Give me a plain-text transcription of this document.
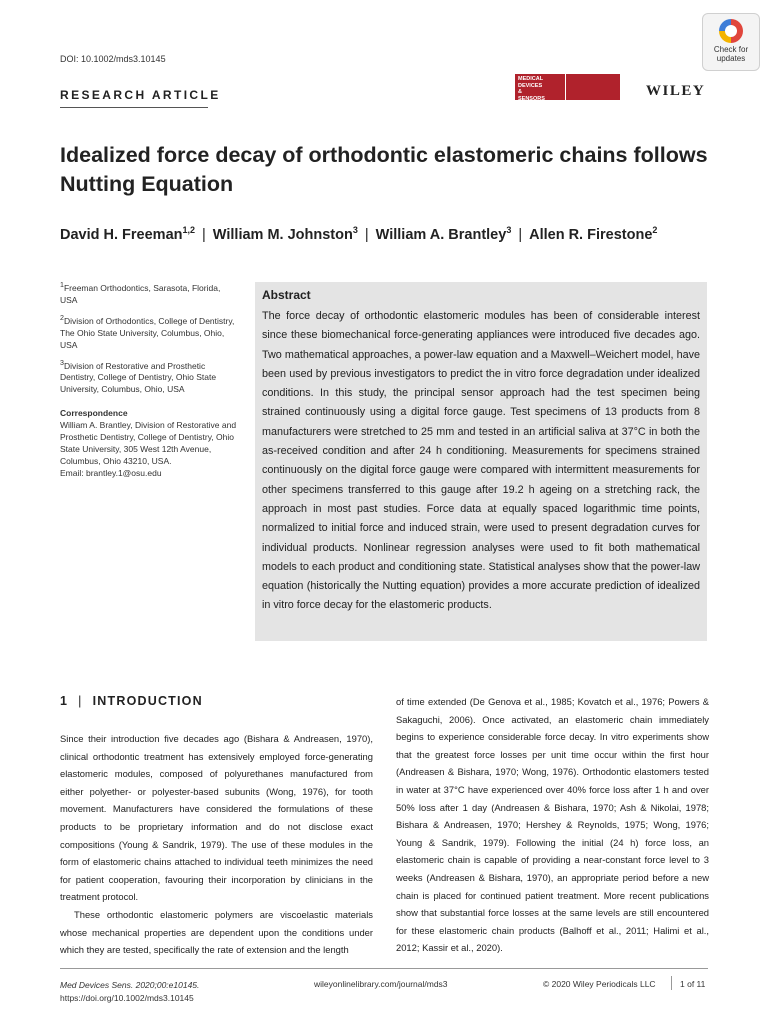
DOI: 10.1002/mds3.10145
Check for updates
RESEARCH ARTICLE
MEDICAL DEVICES & SENSORS	WILEY
Idealized force decay of orthodontic elastomeric chains follows Nutting Equation
David H. Freeman$^{1,2}$ | William M. Johnston$^3$ | William A. Brantley$^3$ | Allen R. Firestone$^2$

$^1$Freeman Orthodontics, Sarasota, Florida, USA

$^2$Division of Orthodontics, College of Dentistry, The Ohio State University, Columbus, Ohio, USA

$^3$Division of Restorative and Prosthetic Dentistry, College of Dentistry, Ohio State University, Columbus, Ohio, USA

Correspondence
William A. Brantley, Division of Restorative and Prosthetic Dentistry, College of Dentistry, Ohio State University, 305 West 12th Avenue, Columbus, Ohio 43210, USA.
Email: brantley.1@osu.edu
Abstract
The force decay of orthodontic elastomeric modules has been of considerable interest since these biomechanical force-generating appliances were introduced five decades ago. Two mathematical approaches, a power-law equation and a Maxwell–Weichert model, have been used by previous investigators to predict the in vitro force degradation under idealized conditions. In this study, the principal sensor approach had the test specimen being strained continuously using a digital force gauge. Test specimens of 13 products from 8 manufacturers were stretched to 25 mm and tested in an artificial saliva at 37°C in both the as-received condition and after 24 h conditioning. Measurements for specimens strained continuously on the digital force gauge were compared with intermittent measurements for other specimens transferred to this gauge after 19.2 h ageing on a stretching rack, the approach in most past studies. Force data at equally spaced logarithmic time points, normalized to initial force and induced strain, were used to present degradation curves for individual products. Nonlinear regression analyses were used to fit both mathematical models to each product and conditioning state. Statistical analyses show that the power-law equation (historically the Nutting equation) provides a more accurate prediction of idealized in vitro force decay for the elastomeric products.
1 | INTRODUCTION

Since their introduction five decades ago (Bishara & Andreasen, 1970), clinical orthodontic treatment has extensively employed force-generating elastomeric modules, composed of polyurethanes manufactured from either polyether- or polyester-based subunits (Wong, 1976), for tooth movement. Manufacturers have considered the formulations of these products to be proprietary information and do not disclose exact compositions (Young & Sandrik, 1979). The use of these modules in the form of elastomeric chains attached to individual teeth minimizes the need for patient cooperation, favouring their incorporation by clinicians in the treatment protocol.

These orthodontic elastomeric polymers are viscoelastic materials whose mechanical properties are dependent upon the conditions under which they are tested, specifically the rate of extension and the length

of time extended (De Genova et al., 1985; Kovatch et al., 1976; Powers & Sakaguchi, 2006). Once activated, an elastomeric chain immediately begins to experience considerable force decay. In vitro experiments show that the greatest force losses per unit time occur within the first hour (Andreasen & Bishara, 1970; Wong, 1976). Orthodontic elastomers tested in water at 37°C have experienced over 40% force loss after 1 h and over 50% loss after 1 day (Andreasen & Bishara, 1970; Ash & Nikolai, 1978; Bishara & Andreasen, 1970; Hershey & Reynolds, 1975; Wong, 1976; Young & Sandrik, 1979). Following the initial (24 h) force loss, an elastomeric chain is capable of providing a near-constant force level to 3 weeks (Andreasen & Bishara, 1970), an appropriate period before a new chain is placed for continued patient treatment. More recent publications show that substantial force losses at the same levels are still encountered for these elastomeric chain products (Balhoff et al., 2011; Halimi et al., 2012; Kassir et al., 2020).

Med Devices Sens. 2020;00:e10145.
https://doi.org/10.1002/mds3.10145
wileyonlinelibrary.com/journal/mds3	© 2020 Wiley Periodicals LLC	1 of 11
